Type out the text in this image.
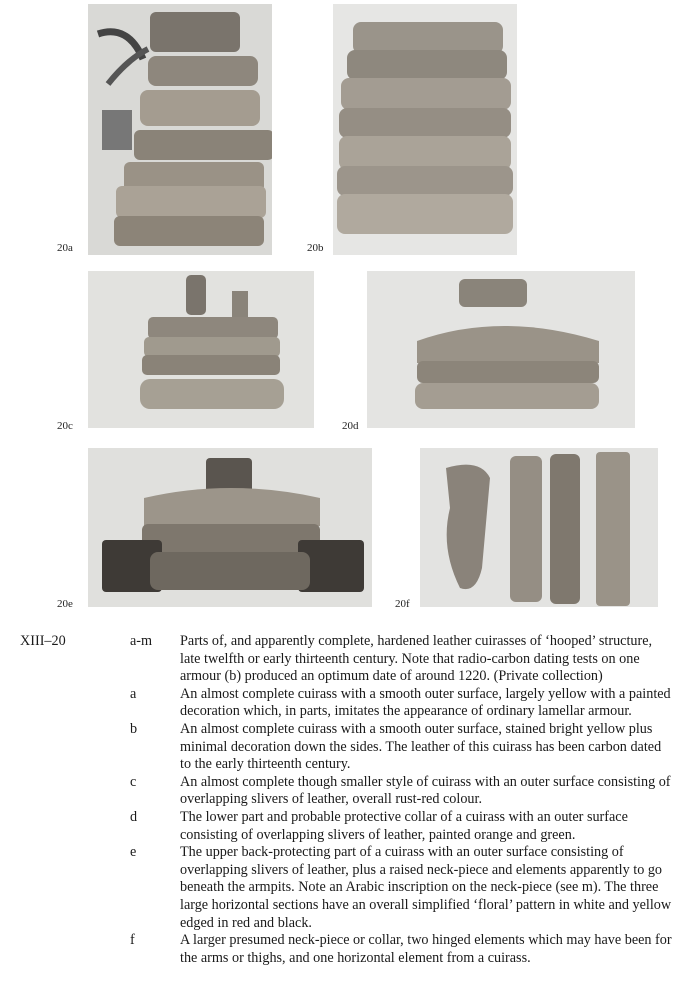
20a	20b
20c	20d
20e	20f
XIII–20	a-m	Parts of, and apparently complete, hardened leather cuirasses of ‘hooped’ structure, late twelfth or early thirteenth century. Note that radio-carbon dating tests on one armour (b) produced an optimum date of around 1220. (Private collection)
a	An almost complete cuirass with a smooth outer surface, largely yellow with a painted decoration which, in parts, imitates the appearance of ordinary lamellar armour.
b	An almost complete cuirass with a smooth outer surface, stained bright yellow plus minimal decoration down the sides. The leather of this cuirass has been carbon dated to the early thirteenth century.
c	An almost complete though smaller style of cuirass with an outer surface consisting of overlapping slivers of leather, overall rust-red colour.
d	The lower part and probable protective collar of a cuirass with an outer surface consisting of overlapping slivers of leather, painted orange and green.
e	The upper back-protecting part of a cuirass with an outer surface consisting of overlapping slivers of leather, plus a raised neck-piece and elements apparently to go beneath the armpits. Note an Arabic inscription on the neck-piece (see m). The three large horizontal sections have an overall simplified ‘floral’ pattern in white and yellow edged in red and black.
f	A larger presumed neck-piece or collar, two hinged elements which may have been for the arms or thighs, and one horizontal element from a cuirass.
